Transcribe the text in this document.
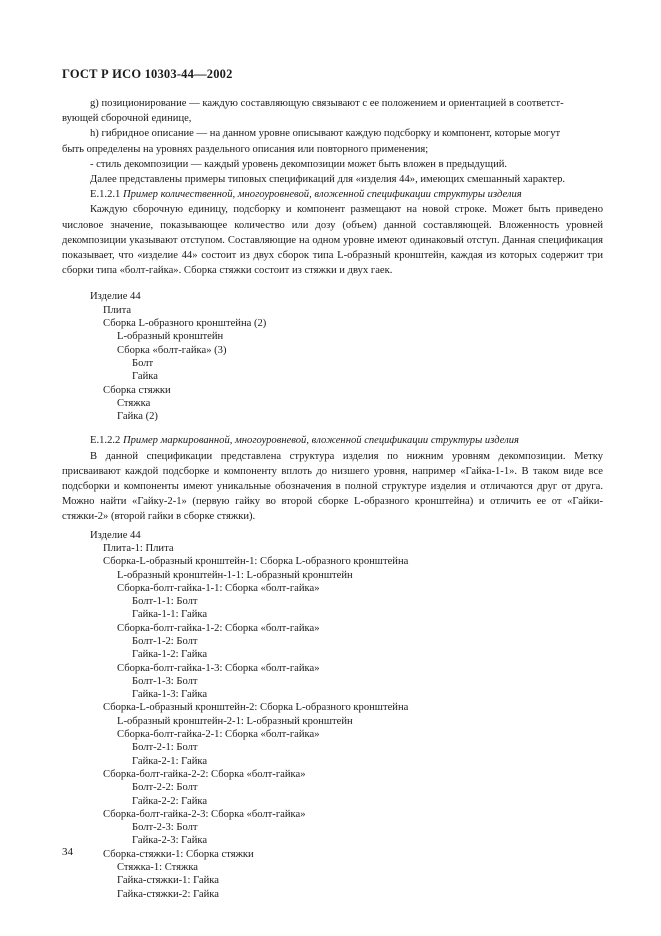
ГОСТ Р ИСО 10303-44—2002

g) позиционирование — каждую составляющую связывают с ее положением и ориентацией в соответст-

вующей сборочной единице,

h) гибридное описание — на данном уровне описывают каждую подсборку и компонент, которые могут

быть определены на уровнях раздельного описания или повторного применения;

- стиль декомпозиции — каждый уровень декомпозиции может быть вложен в предыдущий.

Далее представлены примеры типовых спецификаций для «изделия 44», имеющих смешанный характер.

Е.1.2.1 Пример количественной, многоуровневой, вложенной спецификации структуры изделия

Каждую сборочную единицу, подсборку и компонент размещают на новой строке. Может быть приведено числовое значение, показывающее количество или дозу (объем) данной составляющей. Вложенность уровней декомпозиции указывают отступом. Составляющие на одном уровне имеют одинаковый отступ. Данная спецификация показывает, что «изделие 44» состоит из двух сборок типа L-образный кронштейн, каждая из которых содержит три сборки типа «болт-гайка». Сборка стяжки состоит из стяжки и двух гаек.

Изделие 44
Плита
Сборка L-образного кронштейна (2)
L-образный кронштейн
Сборка «болт-гайка» (3)
Болт
Гайка
Сборка стяжки
Стяжка
Гайка (2)

Е.1.2.2 Пример маркированной, многоуровневой, вложенной спецификации структуры изделия

В данной спецификации представлена структура изделия по нижним уровням декомпозиции. Метку присваивают каждой подсборке и компоненту вплоть до низшего уровня, например «Гайка-1-1». В таком виде все подсборки и компоненты имеют уникальные обозначения в полной структуре изделия и отличаются друг от друга. Можно найти «Гайку-2-1» (первую гайку во второй сборке L-образного кронштейна) и отличить ее от «Гайки-стяжки-2» (второй гайки в сборке стяжки).

Изделие 44
Плита-1: Плита
Сборка-L-образный кронштейн-1: Сборка L-образного кронштейна
L-образный кронштейн-1-1: L-образный кронштейн
Сборка-болт-гайка-1-1: Сборка «болт-гайка»
Болт-1-1: Болт
Гайка-1-1: Гайка
Сборка-болт-гайка-1-2: Сборка «болт-гайка»
Болт-1-2: Болт
Гайка-1-2: Гайка
Сборка-болт-гайка-1-3: Сборка «болт-гайка»
Болт-1-3: Болт
Гайка-1-3: Гайка
Сборка-L-образный кронштейн-2: Сборка L-образного кронштейна
L-образный кронштейн-2-1: L-образный кронштейн
Сборка-болт-гайка-2-1: Сборка «болт-гайка»
Болт-2-1: Болт
Гайка-2-1: Гайка
Сборка-болт-гайка-2-2: Сборка «болт-гайка»
Болт-2-2: Болт
Гайка-2-2: Гайка
Сборка-болт-гайка-2-3: Сборка «болт-гайка»
Болт-2-3: Болт
Гайка-2-3: Гайка
Сборка-стяжки-1: Сборка стяжки
Стяжка-1: Стяжка
Гайка-стяжки-1: Гайка
Гайка-стяжки-2: Гайка
34
